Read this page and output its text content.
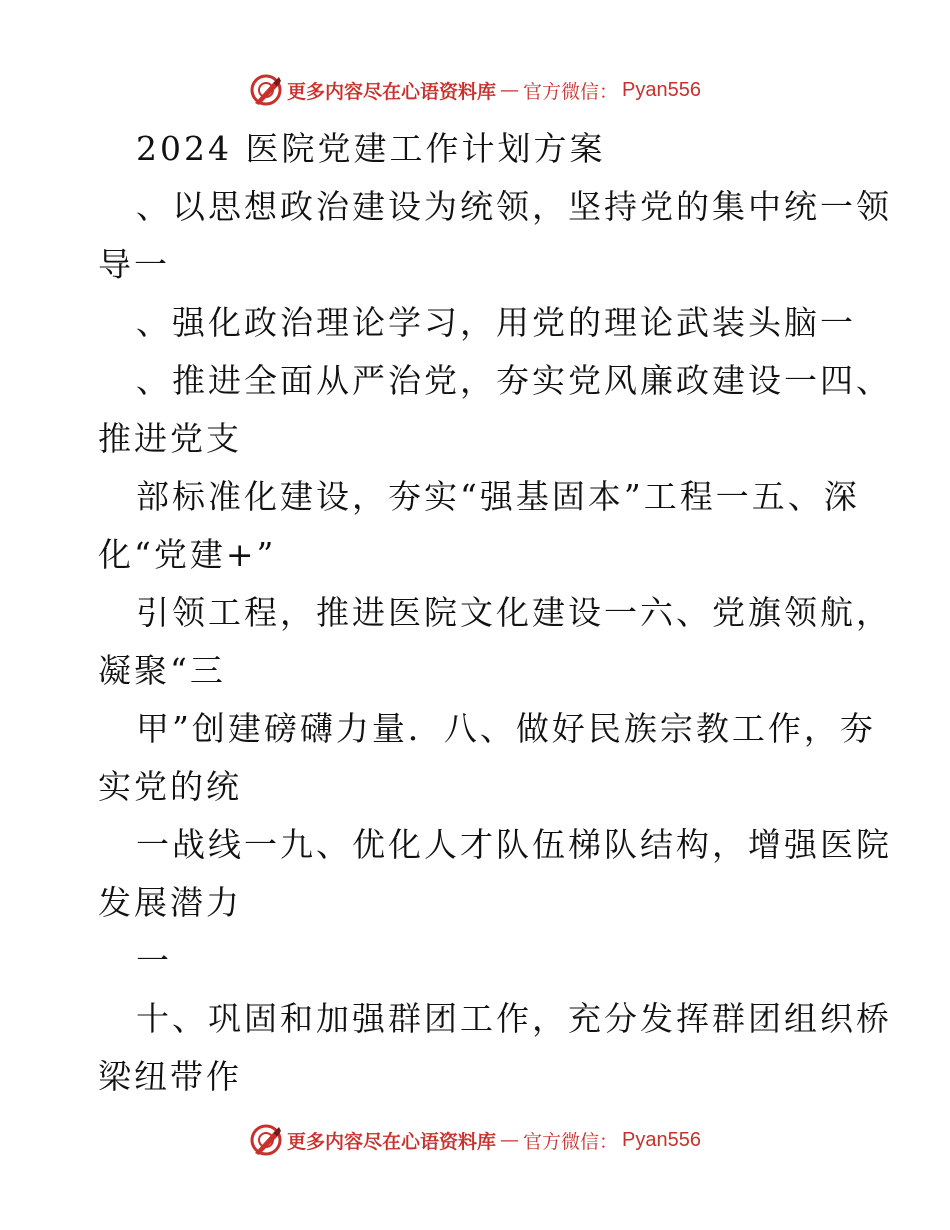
更多内容尽在心语资料库 — 官方微信： Pyan556
2024 医院党建工作计划方案
、以思想政治建设为统领，坚持党的集中统一领
导一
、强化政治理论学习，用党的理论武装头脑一
、推进全面从严治党，夯实党风廉政建设一四、
推进党支
部标准化建设，夯实“强基固本”工程一五、深
化“党建+”
引领工程，推进医院文化建设一六、党旗领航，
凝聚“三
甲”创建磅礴力量．八、做好民族宗教工作，夯
实党的统
一战线一九、优化人才队伍梯队结构，增强医院
发展潜力
一
十、巩固和加强群团工作，充分发挥群团组织桥
梁纽带作
更多内容尽在心语资料库 — 官方微信： Pyan556
